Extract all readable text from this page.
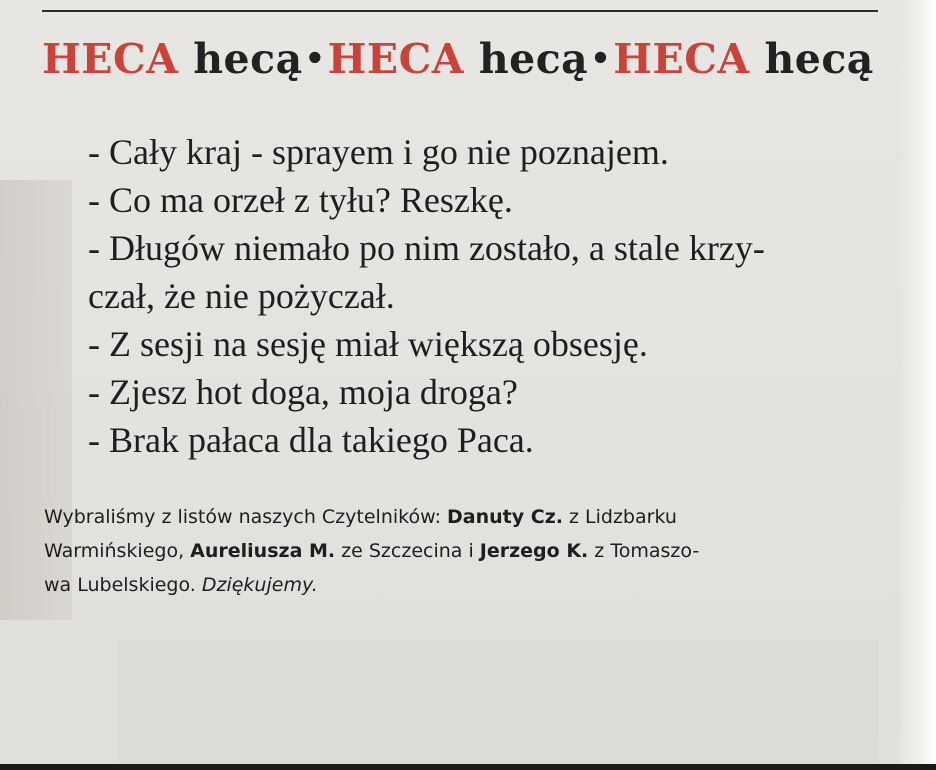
HECA hecą•HECA hecą•HECA hecą

- Cały kraj - sprayem i go nie poznajem.

- Co ma orzeł z tyłu? Reszkę.

- Długów niemało po nim zostało, a stale krzy-

czał, że nie pożyczał.

- Z sesji na sesję miał większą obsesję.

- Zjesz hot doga, moja droga?

- Brak pałaca dla takiego Paca.

Wybraliśmy z listów naszych Czytelników: Danuty Cz. z Lidzbarku
Warmińskiego, Aureliusza M. ze Szczecina i Jerzego K. z Tomaszo-
wa Lubelskiego. Dziękujemy.
